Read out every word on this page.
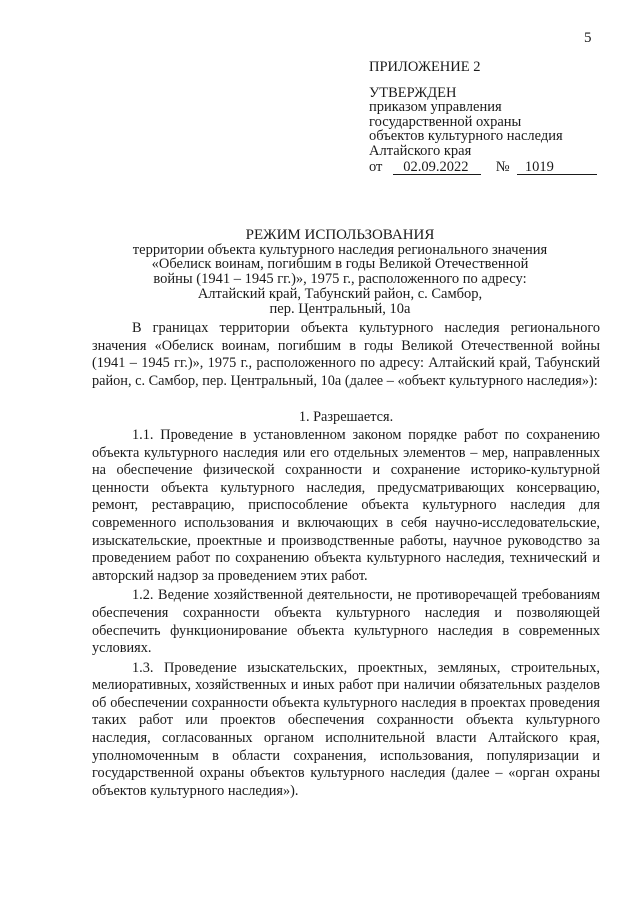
5
ПРИЛОЖЕНИЕ 2
УТВЕРЖДЕН
приказом управления
государственной охраны
объектов культурного наследия
Алтайского края
от 02.09.2022 № 1019
РЕЖИМ ИСПОЛЬЗОВАНИЯ
территории объекта культурного наследия регионального значения
«Обелиск воинам, погибшим в годы Великой Отечественной
войны (1941 – 1945 гг.)», 1975 г., расположенного по адресу:
Алтайский край, Табунский район, с. Самбор,
пер. Центральный, 10а

В границах территории объекта культурного наследия регионального значения «Обелиск воинам, погибшим в годы Великой Отечественной войны (1941 – 1945 гг.)», 1975 г., расположенного по адресу: Алтайский край, Табунский район, с. Самбор, пер. Центральный, 10а (далее – «объект культурного наследия»):

1. Разрешается.

1.1. Проведение в установленном законом порядке работ по сохранению объекта культурного наследия или его отдельных элементов – мер, направленных на обеспечение физической сохранности и сохранение историко-культурной ценности объекта культурного наследия, предусматривающих консервацию, ремонт, реставрацию, приспособление объекта культурного наследия для современного использования и включающих в себя научно-исследовательские, изыскательские, проектные и производственные работы, научное руководство за проведением работ по сохранению объекта культурного наследия, технический и авторский надзор за проведением этих работ.

1.2. Ведение хозяйственной деятельности, не противоречащей требованиям обеспечения сохранности объекта культурного наследия и позволяющей обеспечить функционирование объекта культурного наследия в современных условиях.

1.3. Проведение изыскательских, проектных, земляных, строительных, мелиоративных, хозяйственных и иных работ при наличии обязательных разделов об обеспечении сохранности объекта культурного наследия в проектах проведения таких работ или проектов обеспечения сохранности объекта культурного наследия, согласованных органом исполнительной власти Алтайского края, уполномоченным в области сохранения, использования, популяризации и государственной охраны объектов культурного наследия (далее – «орган охраны объектов культурного наследия»).
